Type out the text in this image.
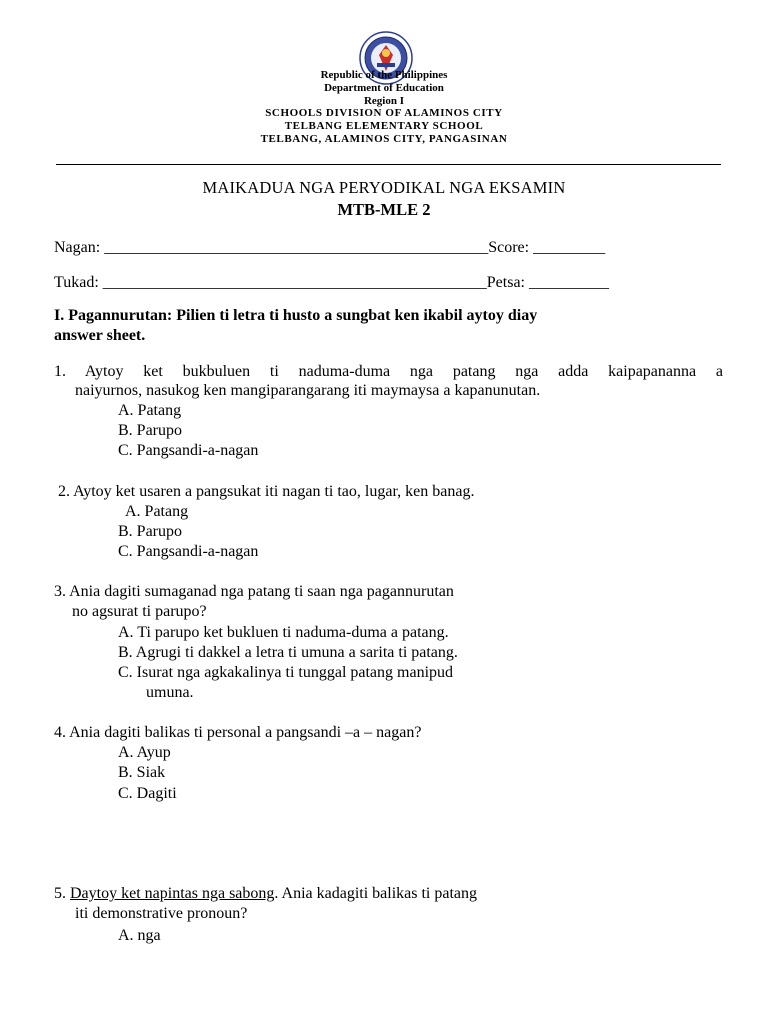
Republic of the Philippines
Department of Education
Region I
SCHOOLS DIVISION OF ALAMINOS CITY
TELBANG ELEMENTARY SCHOOL
TELBANG, ALAMINOS CITY, PANGASINAN
MAIKADUA NGA PERYODIKAL NGA EKSAMIN
MTB-MLE 2
Nagan: ________________________________________________Score: _________
Tukad: ________________________________________________Petsa: __________
I. Pagannurutan: Pilien ti letra ti husto a sungbat ken ikabil aytoy diay
answer sheet.
1. Aytoy ket bukbuluen ti naduma-duma nga patang nga adda kaipapananna a
naiyurnos, nasukog ken mangiparangarang iti maymaysa a kapanunutan.
A. Patang
B. Parupo
C. Pangsandi-a-nagan
2. Aytoy ket usaren a pangsukat iti nagan ti tao, lugar, ken banag.
A. Patang
B. Parupo
C. Pangsandi-a-nagan
3. Ania dagiti sumaganad nga patang ti saan nga pagannurutan
no agsurat ti parupo?
A. Ti parupo ket bukluen ti naduma-duma a patang.
B. Agrugi ti dakkel a letra ti umuna a sarita ti patang.
C. Isurat nga agkakalinya ti tunggal patang manipud
umuna.
4. Ania dagiti balikas ti personal a pangsandi –a – nagan?
A. Ayup
B. Siak
C. Dagiti
5. Daytoy ket napintas nga sabong. Ania kadagiti balikas ti patang
iti demonstrative pronoun?
A. nga
